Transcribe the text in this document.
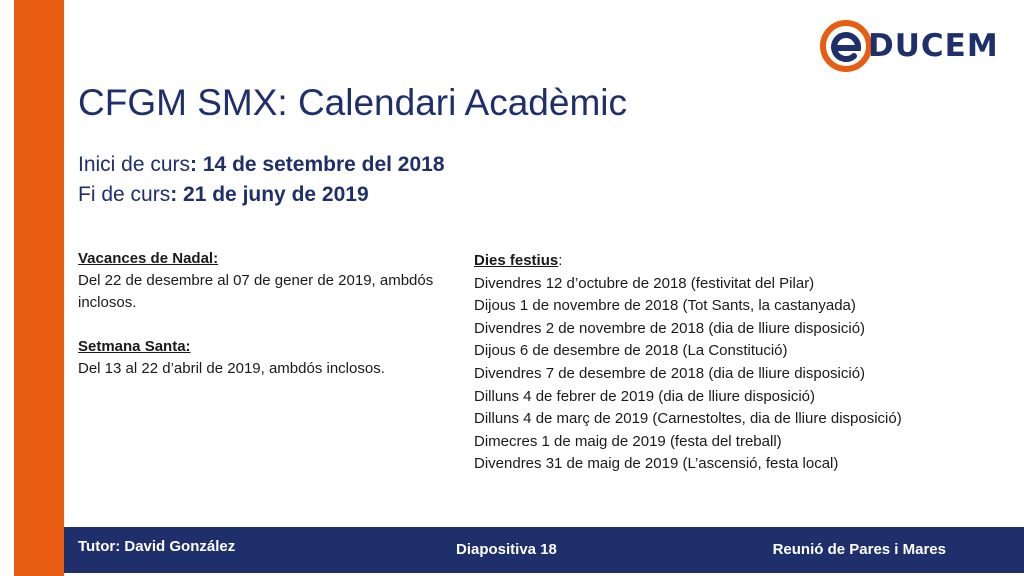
DUCEM
CFGM SMX: Calendari Acadèmic
Inici de curs: 14 de setembre del 2018
Fi de curs: 21 de juny de 2019
Vacances de Nadal:
Del 22 de desembre al 07 de gener de 2019, ambdós inclosos.
Setmana Santa:
Del 13 al 22 d’abril de 2019, ambdós inclosos.
Dies festius:
Divendres 12 d’octubre de 2018 (festivitat del Pilar)
Dijous 1 de novembre de 2018 (Tot Sants, la castanyada)
Divendres 2 de novembre de 2018 (dia de lliure disposició)
Dijous 6 de desembre de 2018 (La Constitució)
Divendres 7 de desembre de 2018 (dia de lliure disposició)
Dilluns 4 de febrer de 2019 (dia de lliure disposició)
Dilluns 4 de març de 2019 (Carnestoltes, dia de lliure disposició)
Dimecres 1 de maig de 2019 (festa del treball)
Divendres 31 de maig de 2019 (L’ascensió, festa local)
Tutor: David González	Diapositiva 18	Reunió de Pares i Mares
